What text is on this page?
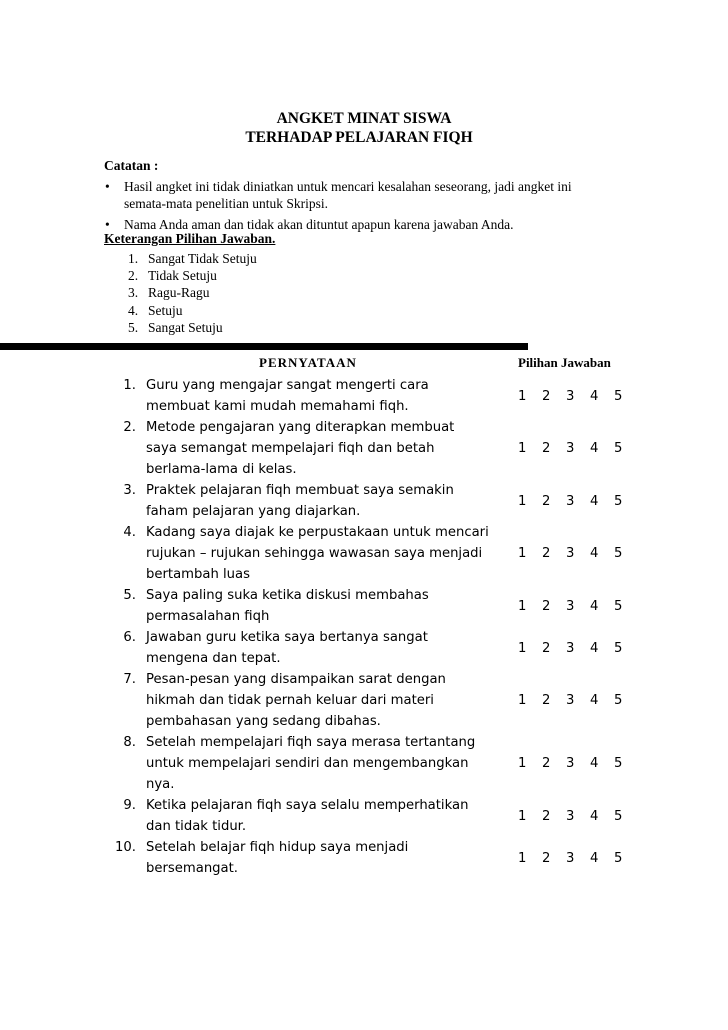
ANGKET MINAT SISWA
TERHADAP PELAJARAN FIQH
Catatan :
• Hasil angket ini tidak diniatkan untuk mencari kesalahan seseorang, jadi angket ini
semata-mata penelitian untuk Skripsi.
• Nama Anda aman dan tidak akan dituntut apapun karena jawaban Anda.
Keterangan Pilihan Jawaban.
1. Sangat Tidak Setuju
2. Tidak Setuju
3. Ragu-Ragu
4. Setuju
5. Sangat Setuju
PERNYATAAN	Pilihan Jawaban
1. Guru yang mengajar sangat mengerti cara
membuat kami mudah memahami fiqh.
1	2	3	4	5
2. Metode pengajaran yang diterapkan membuat
saya semangat mempelajari fiqh dan betah
berlama-lama di kelas.
1	2	3	4	5
3. Praktek pelajaran fiqh membuat saya semakin
faham pelajaran yang diajarkan.
1	2	3	4	5
4. Kadang saya diajak ke perpustakaan untuk mencari
rujukan – rujukan sehingga wawasan saya menjadi
bertambah luas
1	2	3	4	5
5. Saya paling suka ketika diskusi membahas
permasalahan fiqh
1	2	3	4	5
6. Jawaban guru ketika saya bertanya sangat
mengena dan tepat.
1	2	3	4	5
7. Pesan-pesan yang disampaikan sarat dengan
hikmah dan tidak pernah keluar dari materi
pembahasan yang sedang dibahas.
1	2	3	4	5
8. Setelah mempelajari fiqh saya merasa tertantang
untuk mempelajari sendiri dan mengembangkan
nya.
1	2	3	4	5
9. Ketika pelajaran fiqh saya selalu memperhatikan
dan tidak tidur.
1	2	3	4	5
10. Setelah belajar fiqh hidup saya menjadi
bersemangat.
1	2	3	4	5
